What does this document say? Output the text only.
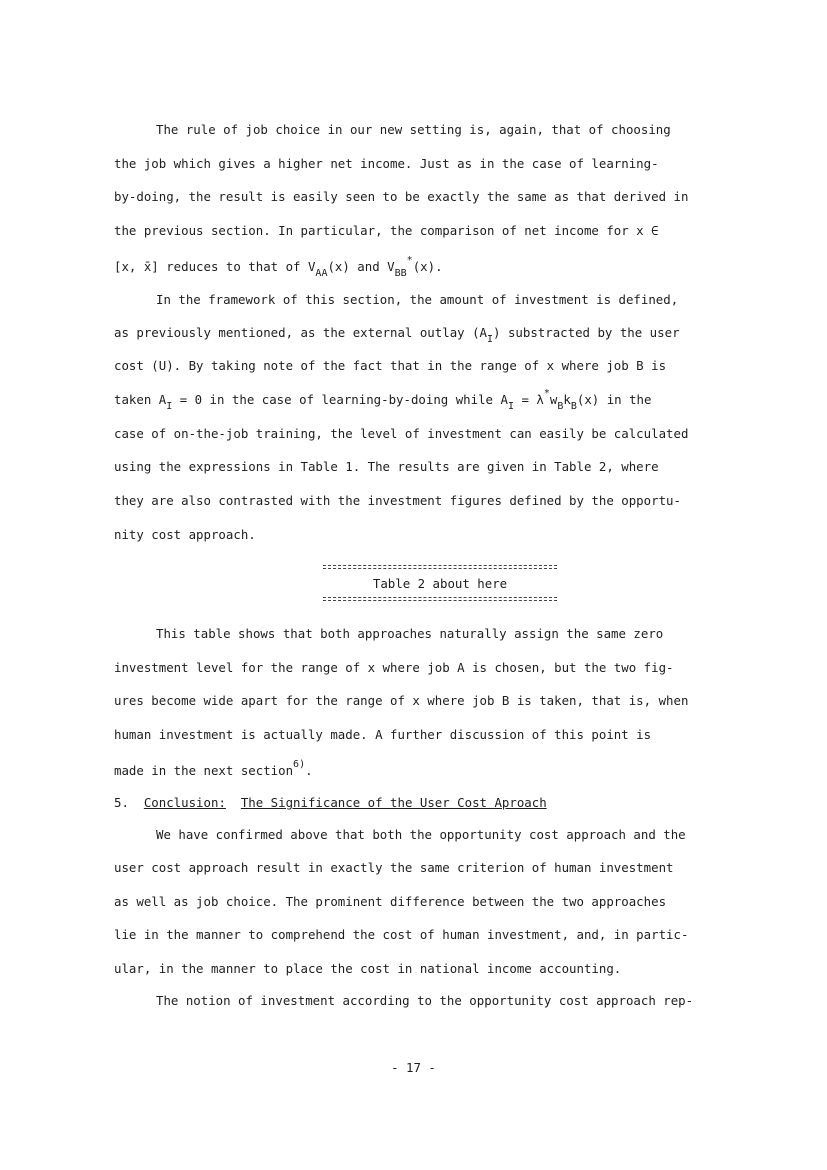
The rule of job choice in our new setting is, again, that of choosing
the job which gives a higher net income. Just as in the case of learning-
by-doing, the result is easily seen to be exactly the same as that derived in
the previous section. In particular, the comparison of net income for x ∈
[x, x̄] reduces to that of $V_{AA}(x)$ and $V_{BB}^*(x)$.
In the framework of this section, the amount of investment is defined,
as previously mentioned, as the external outlay $(A_I)$ substracted by the user
cost (U). By taking note of the fact that in the range of x where job B is
taken $A_I = 0$ in the case of learning-by-doing while $A_I = \lambda^*w_Bk_B(x)$ in the
case of on-the-job training, the level of investment can easily be calculated
using the expressions in Table 1. The results are given in Table 2, where
they are also contrasted with the investment figures defined by the opportu-
nity cost approach.
Table 2 about here
This table shows that both approaches naturally assign the same zero
investment level for the range of x where job A is chosen, but the two fig-
ures become wide apart for the range of x where job B is taken, that is, when
human investment is actually made. A further discussion of this point is
made in the next section$^{6)}$.
5. Conclusion: The Significance of the User Cost Aproach
We have confirmed above that both the opportunity cost approach and the
user cost approach result in exactly the same criterion of human investment
as well as job choice. The prominent difference between the two approaches
lie in the manner to comprehend the cost of human investment, and, in partic-
ular, in the manner to place the cost in national income accounting.
The notion of investment according to the opportunity cost approach rep-
- 17 -
